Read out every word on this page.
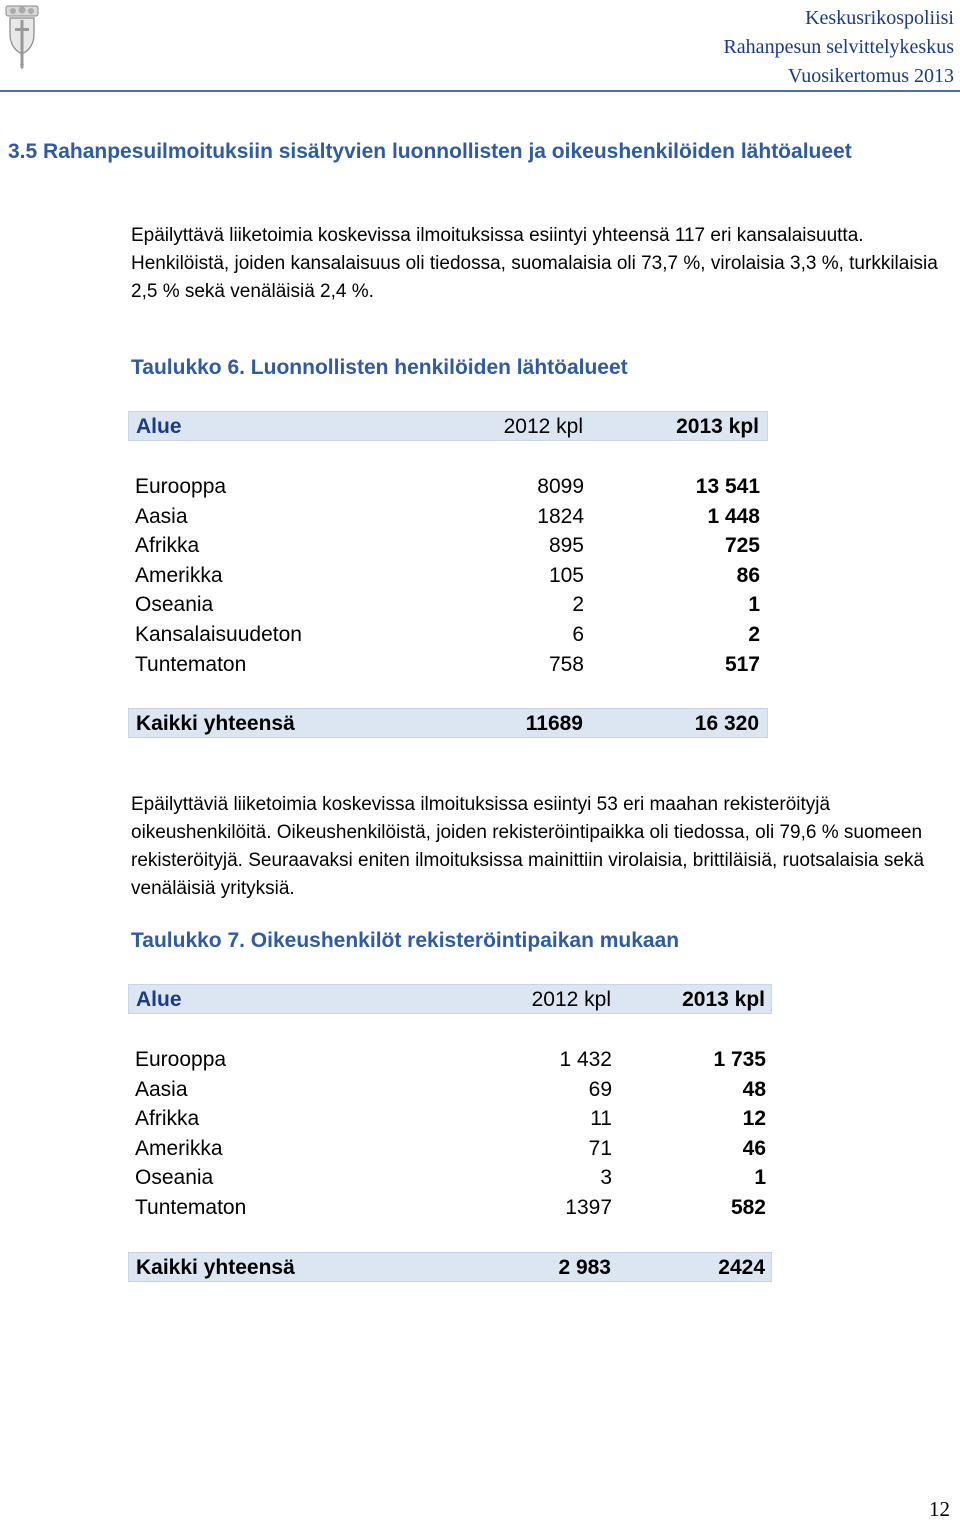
Keskusrikospoliisi
Rahanpesun selvittelykeskus
Vuosikertomus 2013
3.5 Rahanpesuilmoituksiin sisältyvien luonnollisten ja oikeushenkilöiden lähtöalueet
Epäilyttävä liiketoimia koskevissa ilmoituksissa esiintyi yhteensä 117 eri kansalaisuutta. Henkilöistä, joiden kansalaisuus oli tiedossa, suomalaisia oli 73,7 %, virolaisia 3,3 %, turkkilaisia 2,5 % sekä venäläisiä 2,4 %.
Taulukko 6. Luonnollisten henkilöiden lähtöalueet
Alue	2012 kpl	2013 kpl
Eurooppa	8099	13 541
Aasia	1824	1 448
Afrikka	895	725
Amerikka	105	86
Oseania	2	1
Kansalaisuudeton	6	2
Tuntematon	758	517
Kaikki yhteensä	11689	16 320
Epäilyttäviä liiketoimia koskevissa ilmoituksissa esiintyi 53 eri maahan rekisteröityjä oikeushenkilöitä. Oikeushenkilöistä, joiden rekisteröintipaikka oli tiedossa, oli 79,6 % suomeen rekisteröityjä. Seuraavaksi eniten ilmoituksissa mainittiin virolaisia, brittiläisiä, ruotsalaisia sekä venäläisiä yrityksiä.
Taulukko 7. Oikeushenkilöt rekisteröintipaikan mukaan
Alue	2012 kpl	2013 kpl
Eurooppa	1 432	1 735
Aasia	69	48
Afrikka	11	12
Amerikka	71	46
Oseania	3	1
Tuntematon	1397	582
Kaikki yhteensä	2 983	2424
12
